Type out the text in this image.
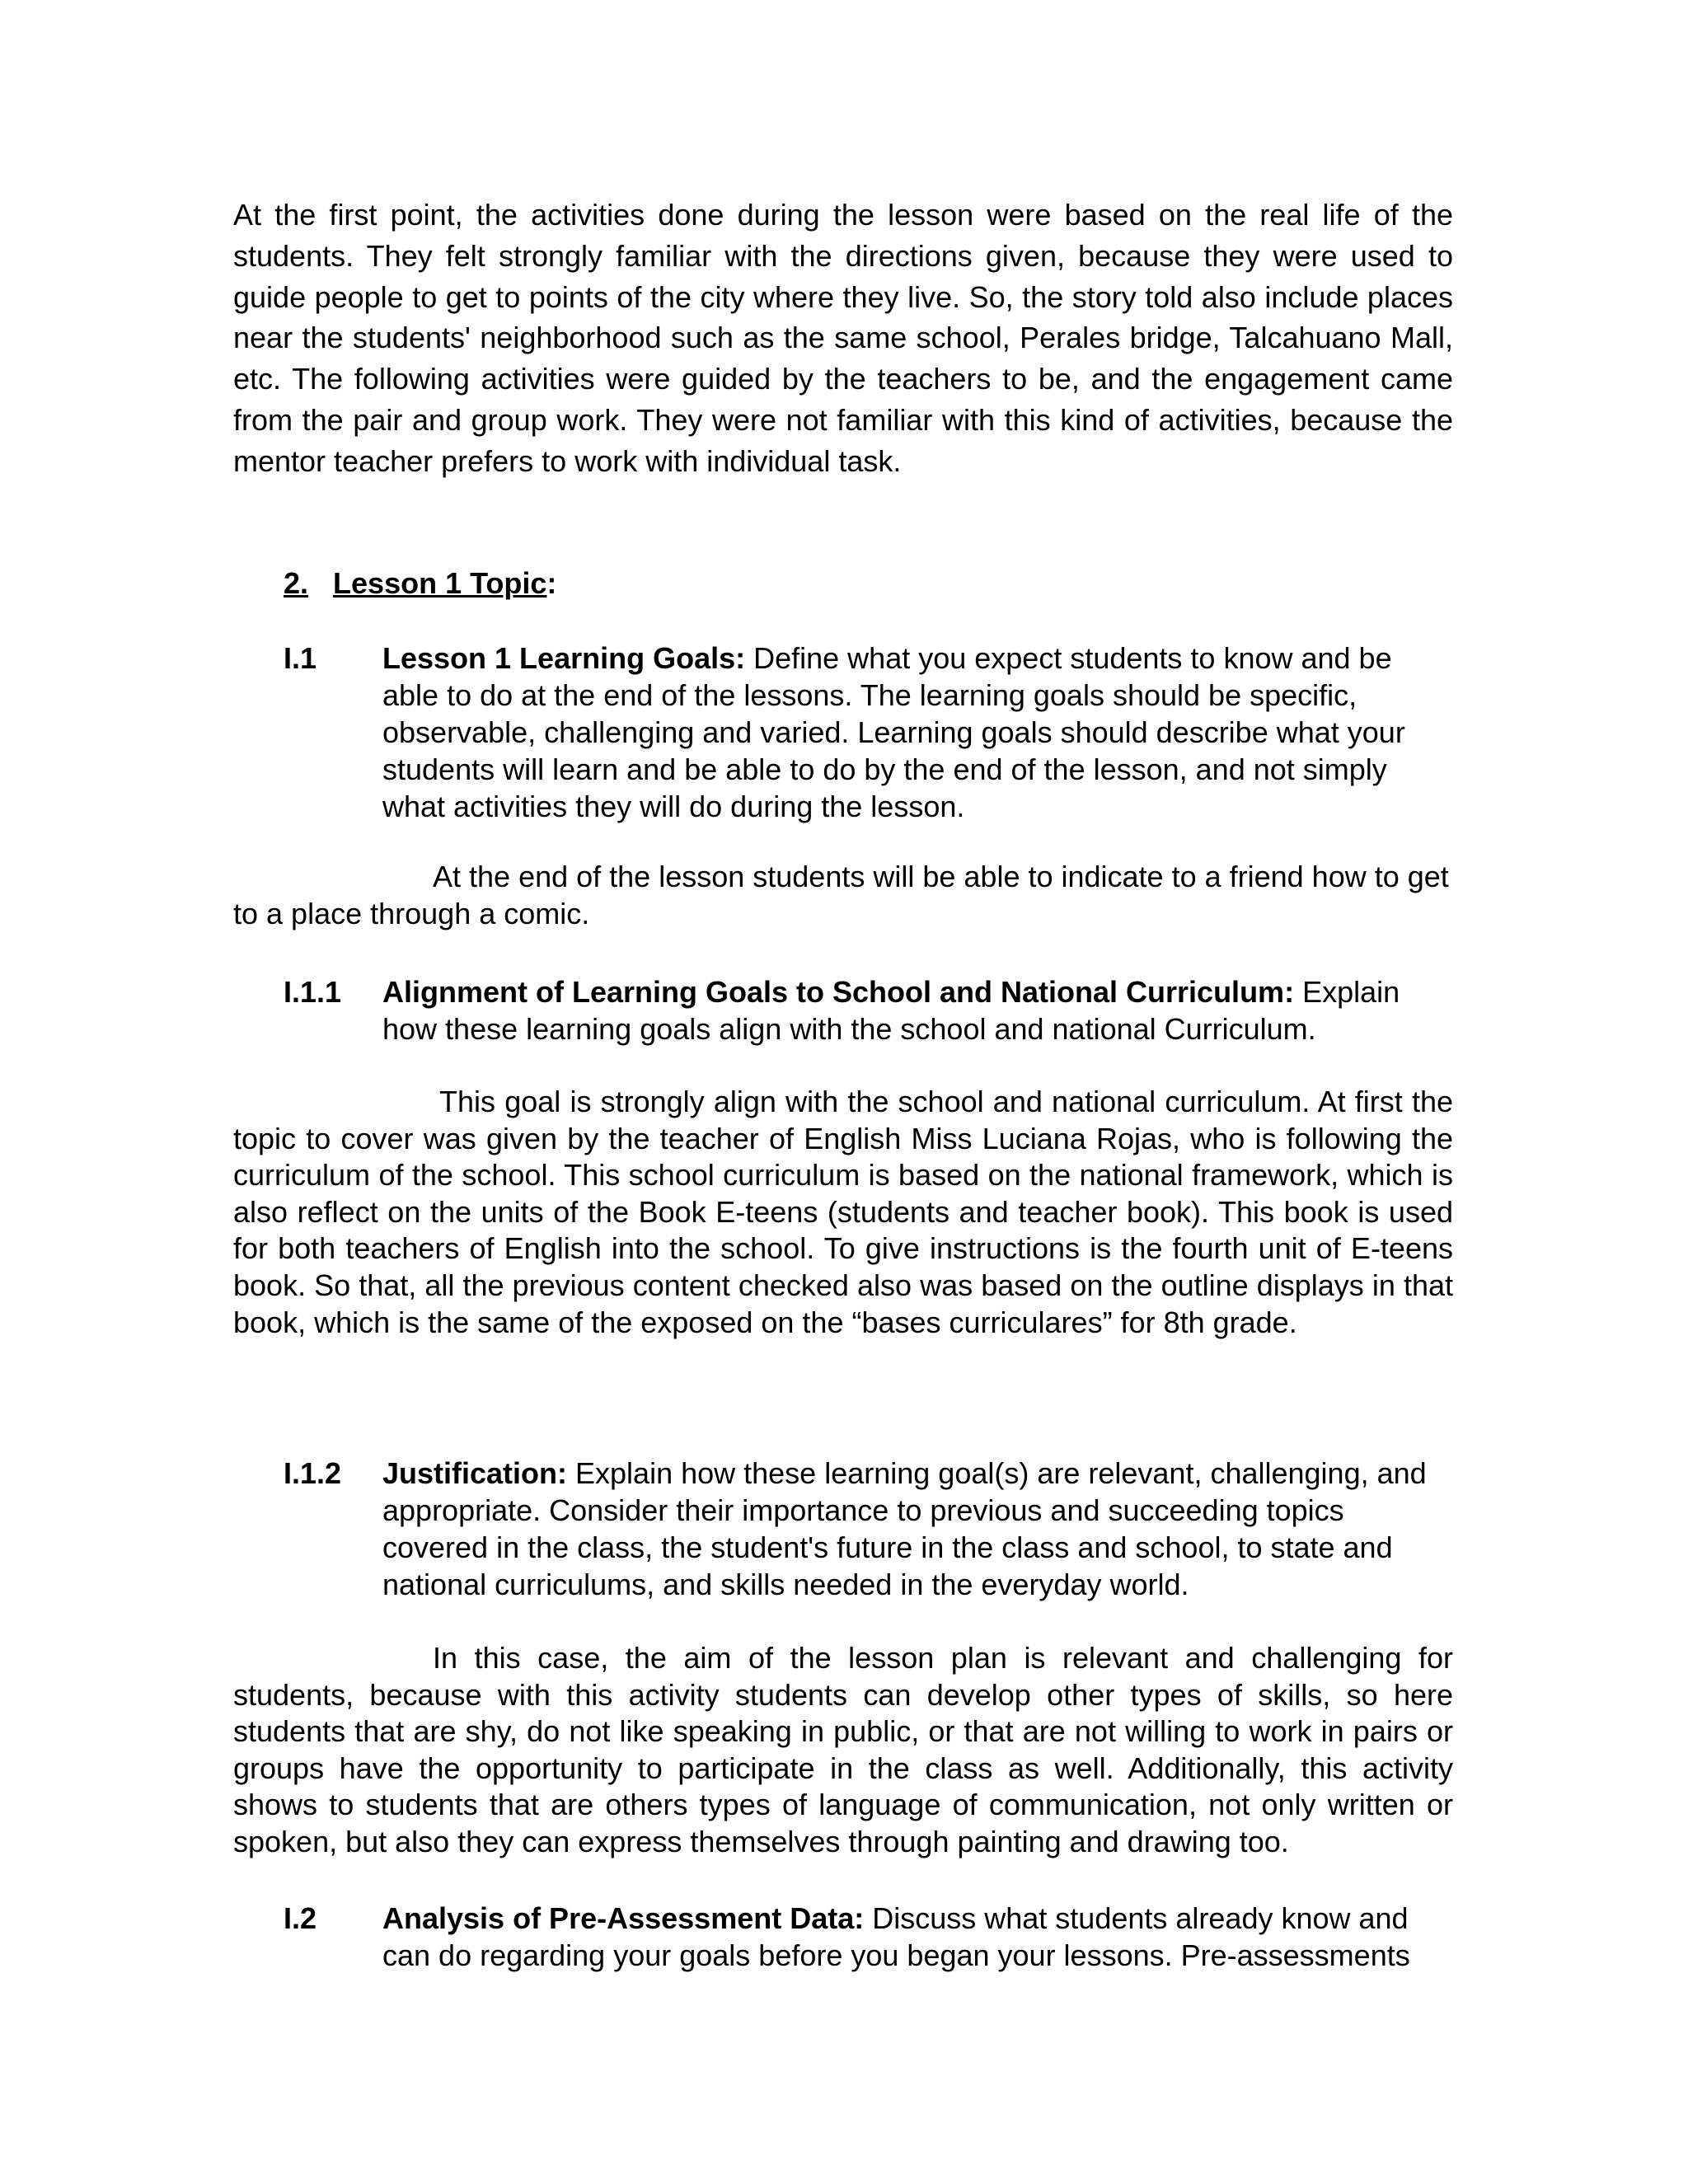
At the first point, the activities done during the lesson were based on the real life of the students. They felt strongly familiar with the directions given, because they were used to guide people to get to points of the city where they live. So, the story told also include places near the students' neighborhood such as the same school, Perales bridge, Talcahuano Mall, etc. The following activities were guided by the teachers to be, and the engagement came from the pair and group work. They were not familiar with this kind of activities, because the mentor teacher prefers to work with individual task.

2. Lesson 1 Topic:

I.1 Lesson 1 Learning Goals: Define what you expect students to know and be able to do at the end of the lessons. The learning goals should be specific, observable, challenging and varied. Learning goals should describe what your students will learn and be able to do by the end of the lesson, and not simply what activities they will do during the lesson.

At the end of the lesson students will be able to indicate to a friend how to get to a place through a comic.

I.1.1 Alignment of Learning Goals to School and National Curriculum: Explain how these learning goals align with the school and national Curriculum.

This goal is strongly align with the school and national curriculum. At first the topic to cover was given by the teacher of English Miss Luciana Rojas, who is following the curriculum of the school. This school curriculum is based on the national framework, which is also reflect on the units of the Book E-teens (students and teacher book). This book is used for both teachers of English into the school. To give instructions is the fourth unit of E-teens book. So that, all the previous content checked also was based on the outline displays in that book, which is the same of the exposed on the “bases curriculares” for 8th grade.

I.1.2 Justification: Explain how these learning goal(s) are relevant, challenging, and appropriate. Consider their importance to previous and succeeding topics covered in the class, the student's future in the class and school, to state and national curriculums, and skills needed in the everyday world.

In this case, the aim of the lesson plan is relevant and challenging for students, because with this activity students can develop other types of skills, so here students that are shy, do not like speaking in public, or that are not willing to work in pairs or groups have the opportunity to participate in the class as well. Additionally, this activity shows to students that are others types of language of communication, not only written or spoken, but also they can express themselves through painting and drawing too.

I.2 Analysis of Pre-Assessment Data: Discuss what students already know and can do regarding your goals before you began your lessons. Pre-assessments
